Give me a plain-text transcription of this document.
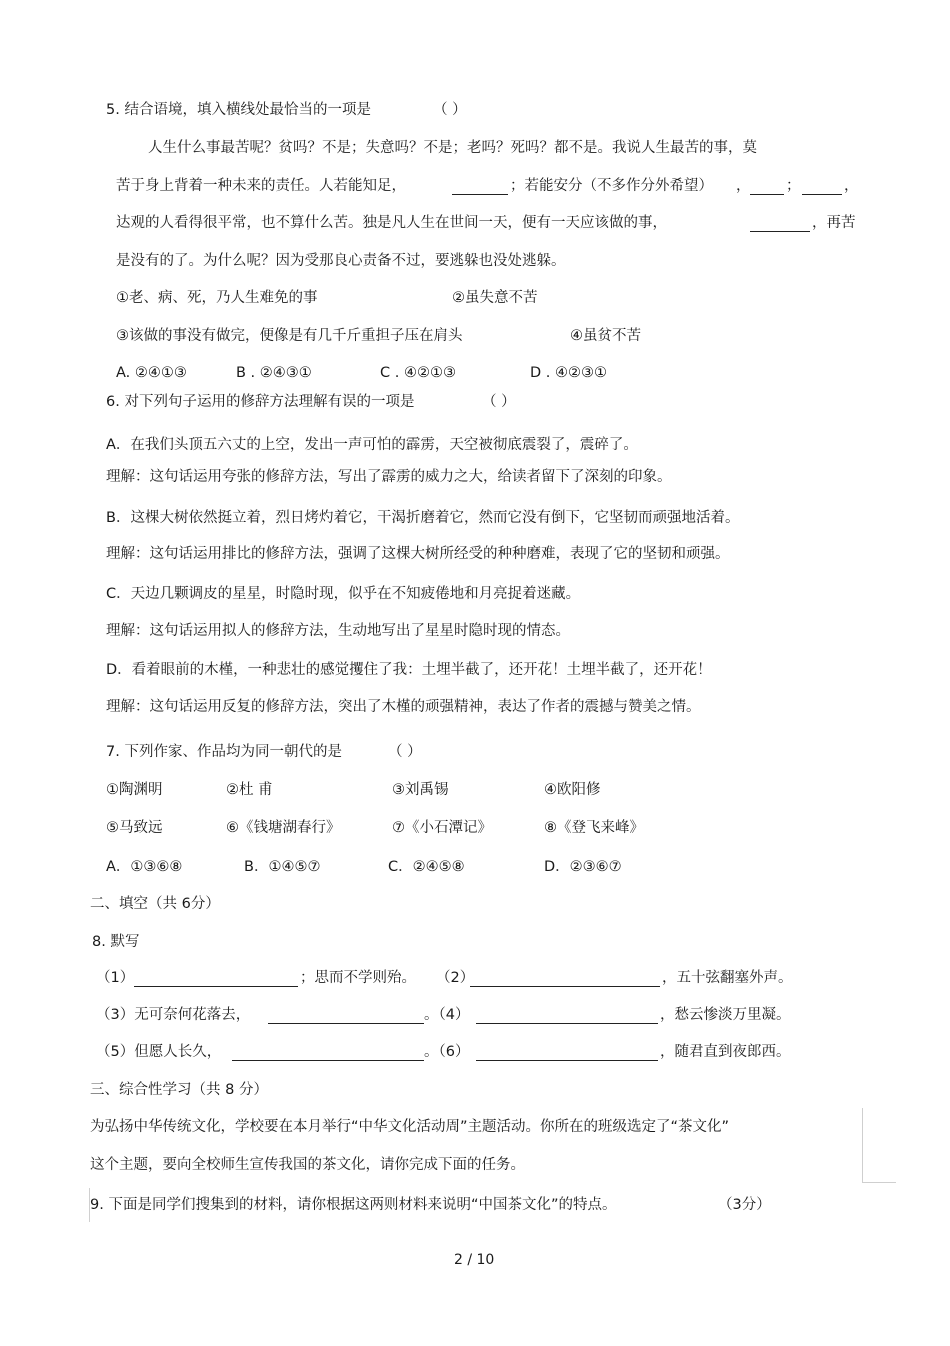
5. 结合语境，填入横线处最恰当的一项是	（ ）
人生什么事最苦呢？贫吗？不是；失意吗？不是；老吗？死吗？都不是。我说人生最苦的事，莫
苦于身上背着一种未来的责任。人若能知足，	；若能安分（不多作分外希望） ， ；	，
达观的人看得很平常，也不算什么苦。独是凡人生在世间一天，便有一天应该做的事，	，再苦
是没有的了。为什么呢？因为受那良心责备不过，要逃躲也没处逃躲。
①老、病、死，乃人生难免的事	②虽失意不苦
③该做的事没有做完，便像是有几千斤重担子压在肩头	④虽贫不苦
A. ②④①③	B . ②④③①	C . ④②①③	D . ④②③①
6. 对下列句子运用的修辞方法理解有误的一项是	（ ）
A．在我们头顶五六丈的上空，发出一声可怕的霹雳，天空被彻底震裂了，震碎了。
理解：这句话运用夸张的修辞方法，写出了霹雳的威力之大，给读者留下了深刻的印象。
B．这棵大树依然挺立着，烈日烤灼着它，干渴折磨着它，然而它没有倒下，它坚韧而顽强地活着。
理解：这句话运用排比的修辞方法，强调了这棵大树所经受的种种磨难，表现了它的坚韧和顽强。
C．天边几颗调皮的星星，时隐时现，似乎在不知疲倦地和月亮捉着迷藏。
理解：这句话运用拟人的修辞方法，生动地写出了星星时隐时现的情态。
D．看着眼前的木槿，一种悲壮的感觉攫住了我：土埋半截了，还开花！土埋半截了，还开花！
理解：这句话运用反复的修辞方法，突出了木槿的顽强精神，表达了作者的震撼与赞美之情。
7. 下列作家、作品均为同一朝代的是	（ ）
①陶渊明	②杜 甫	③刘禹锡	④欧阳修
⑤马致远	⑥《钱塘湖春行》	⑦《小石潭记》	⑧《登飞来峰》
A．①③⑥⑧	B．①④⑤⑦	C．②④⑤⑧	D．②③⑥⑦
二、填空（共 6分）
8. 默写
（1）	；思而不学则殆。 （2）	，五十弦翻塞外声。
（3）无可奈何花落去，	。（4）	，愁云惨淡万里凝。
（5）但愿人长久，	。（6）	，随君直到夜郎西。
三、综合性学习（共 8 分）
为弘扬中华传统文化，学校要在本月举行“中华文化活动周”主题活动。你所在的班级选定了“茶文化”
这个主题，要向全校师生宣传我国的茶文化，请你完成下面的任务。
9. 下面是同学们搜集到的材料，请你根据这两则材料来说明“中国茶文化”的特点。	（3分）
2 / 10
